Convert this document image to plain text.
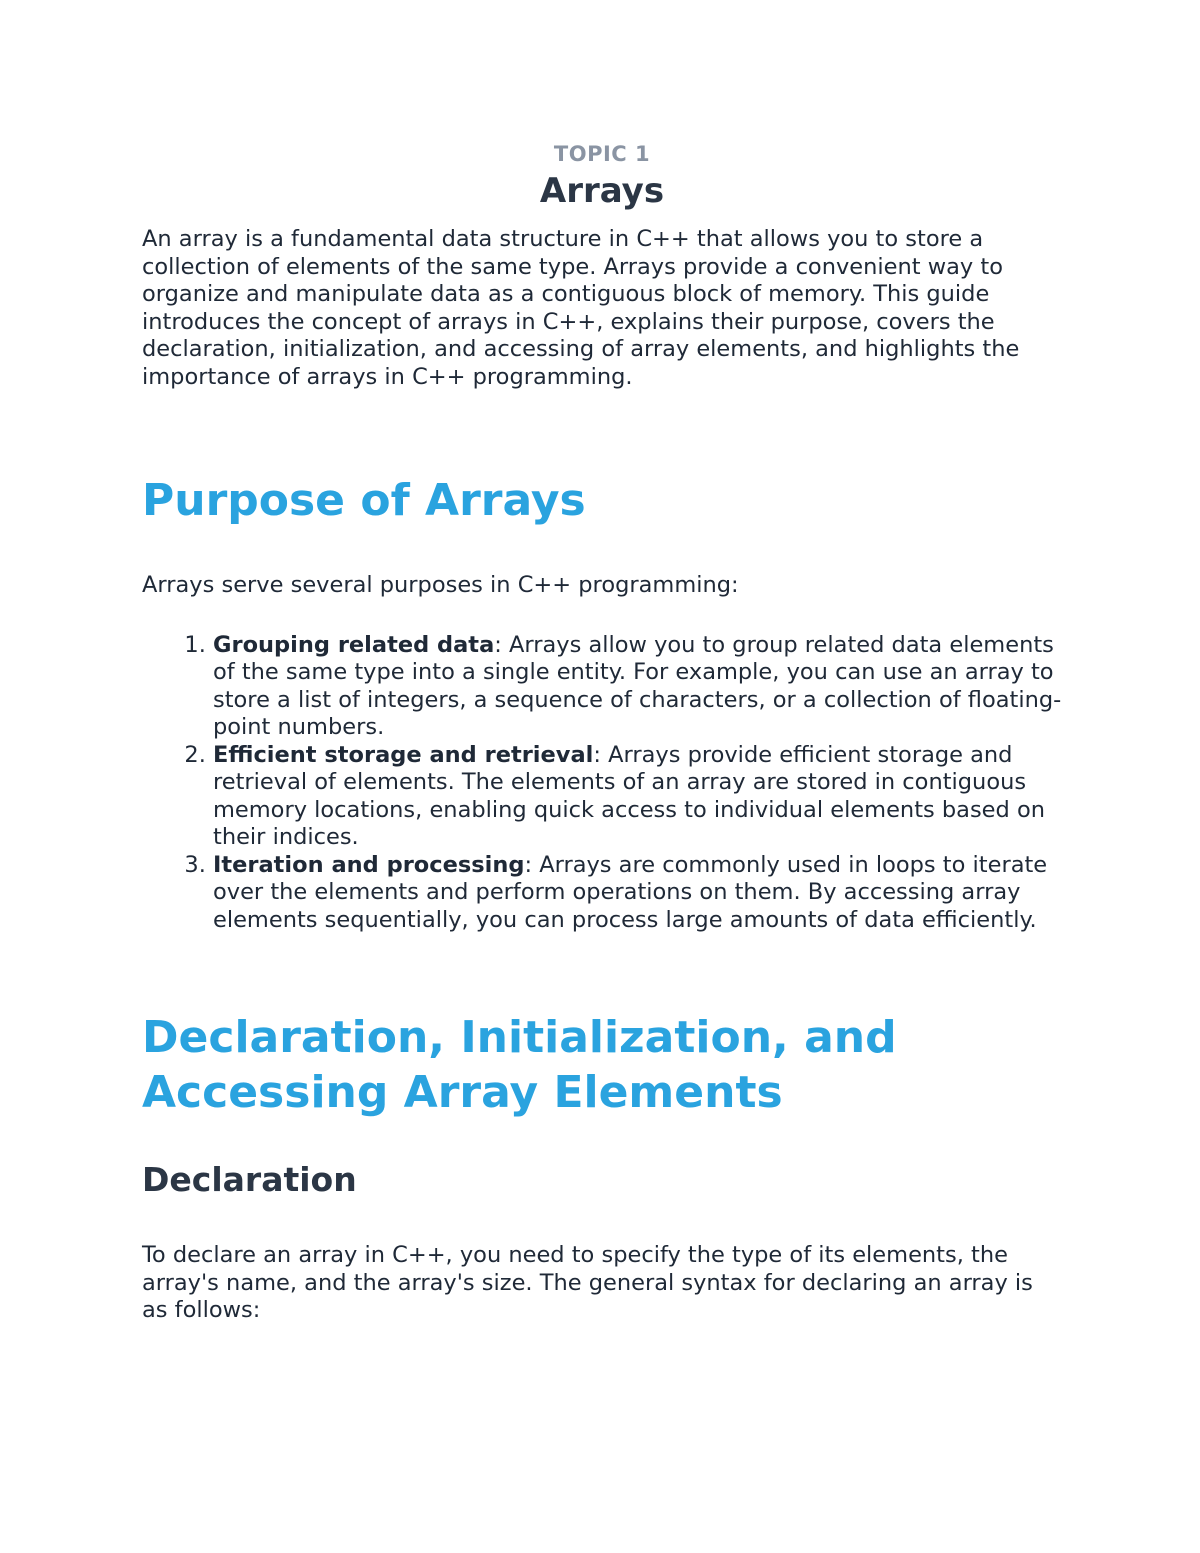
TOPIC 1

Arrays

An array is a fundamental data structure in C++ that allows you to store a collection of elements of the same type. Arrays provide a convenient way to organize and manipulate data as a contiguous block of memory. This guide introduces the concept of arrays in C++, explains their purpose, covers the declaration, initialization, and accessing of array elements, and highlights the importance of arrays in C++ programming.

Purpose of Arrays

Arrays serve several purposes in C++ programming:

1. Grouping related data: Arrays allow you to group related data elements of the same type into a single entity. For example, you can use an array to store a list of integers, a sequence of characters, or a collection of floating-point numbers.
2. Efficient storage and retrieval: Arrays provide efficient storage and retrieval of elements. The elements of an array are stored in contiguous memory locations, enabling quick access to individual elements based on their indices.
3. Iteration and processing: Arrays are commonly used in loops to iterate over the elements and perform operations on them. By accessing array elements sequentially, you can process large amounts of data efficiently.
Declaration, Initialization, and Accessing Array Elements
Declaration

To declare an array in C++, you need to specify the type of its elements, the array's name, and the array's size. The general syntax for declaring an array is as follows:
